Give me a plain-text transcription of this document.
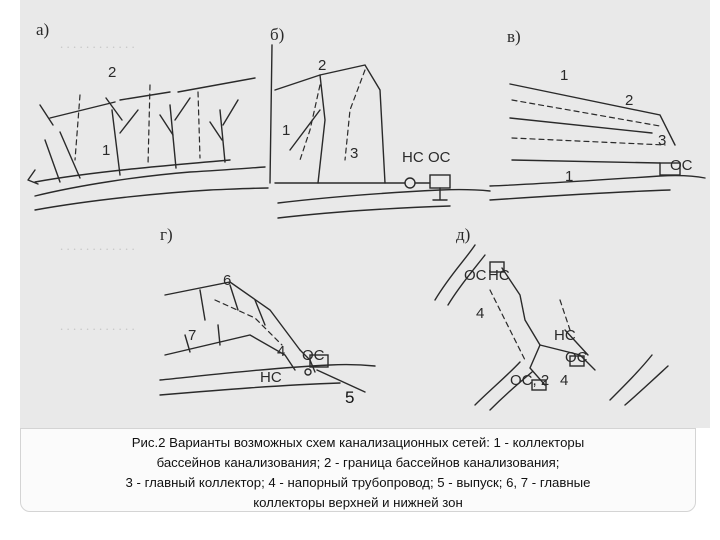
. . . . . . . . . . . .
. . . . . . . . . . . .
. . . . . . . . . . . .
а)	б)	в)
г)	д)
1
2
1
2
3	НС ОС
1
2
3
1
ОС
6
7
4
НС
ОС
ОС НС
4
НС
ОС
ОС, 2 4
5
Рис.2 Варианты возможных схем канализационных сетей: 1 - коллекторы
бассейнов канализования; 2 - граница бассейнов канализования;
3 - главный коллектор; 4 - напорный трубопровод; 5 - выпуск; 6, 7 - главные
коллекторы верхней и нижней зон
